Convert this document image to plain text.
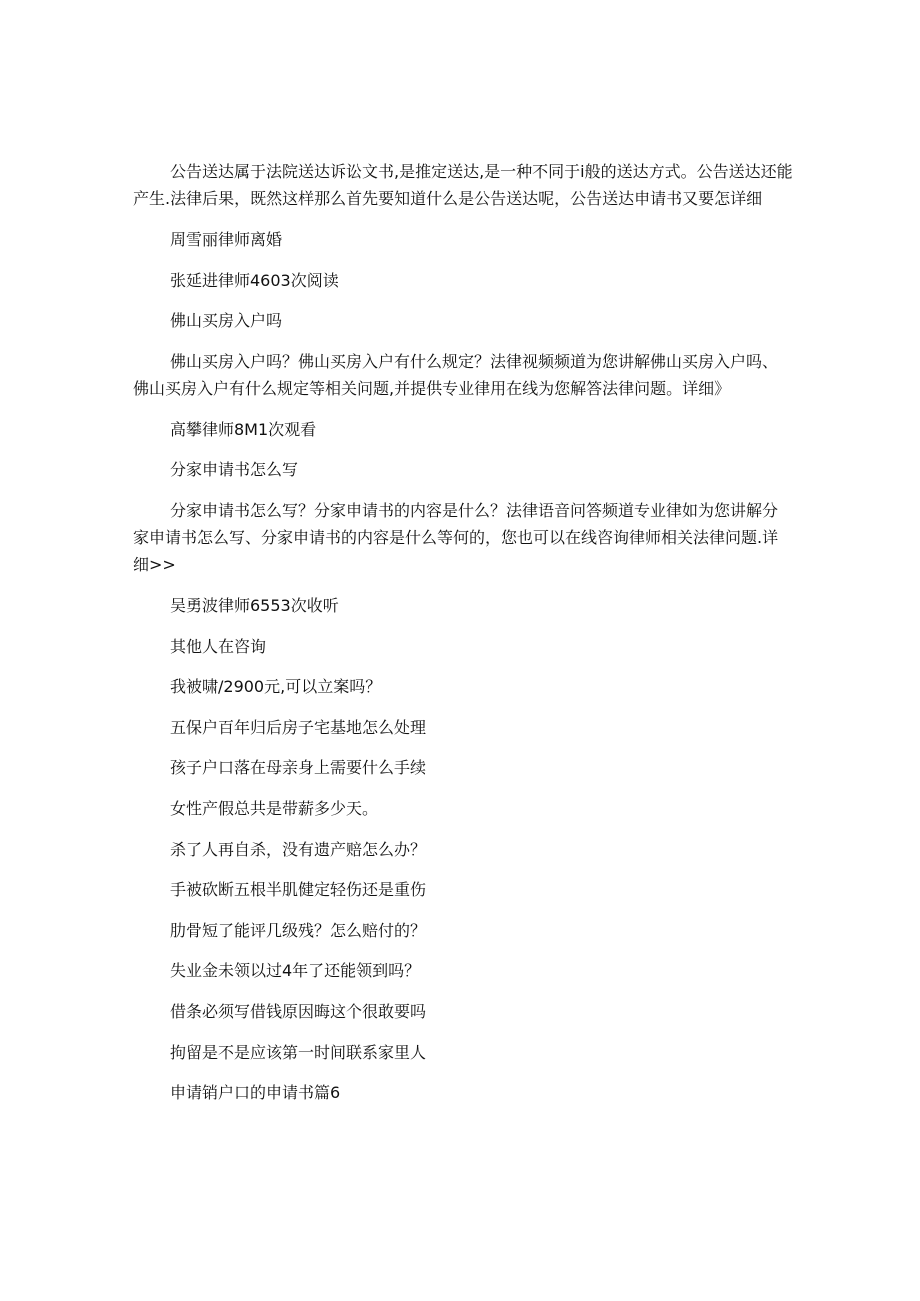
公告送达属于法院送达诉讼文书,是推定送达,是一种不同于i般的送达方式。公告送达还能产生.法律后果，既然这样那么首先要知道什么是公告送达呢，公告送达申请书又要怎详细

周雪丽律师离婚

张延进律师4603次阅读

佛山买房入户吗

佛山买房入户吗？佛山买房入户有什么规定？法律视频频道为您讲解佛山买房入户吗、佛山买房入户有什么规定等相关问题,并提供专业律用在线为您解答法律问题。详细》

高攀律师8M1次观看

分家申请书怎么写

分家申请书怎么写？分家申请书的内容是什么？法律语音问答频道专业律如为您讲解分家申请书怎么写、分家申请书的内容是什么等何的，您也可以在线咨询律师相关法律问题.详细>>

吴勇波律师6553次收听

其他人在咨询

我被啸/2900元,可以立案吗？

五保户百年归后房子宅基地怎么处理

孩子户口落在母亲身上需要什么手续

女性产假总共是带薪多少天。

杀了人再自杀，没有遗产赔怎么办？

手被砍断五根半肌健定轻伤还是重伤

肋骨短了能评几级残？怎么赔付的？

失业金未领以过4年了还能领到吗？

借条必须写借钱原因晦这个很敢要吗

拘留是不是应该第一时间联系家里人

申请销户口的申请书篇6
